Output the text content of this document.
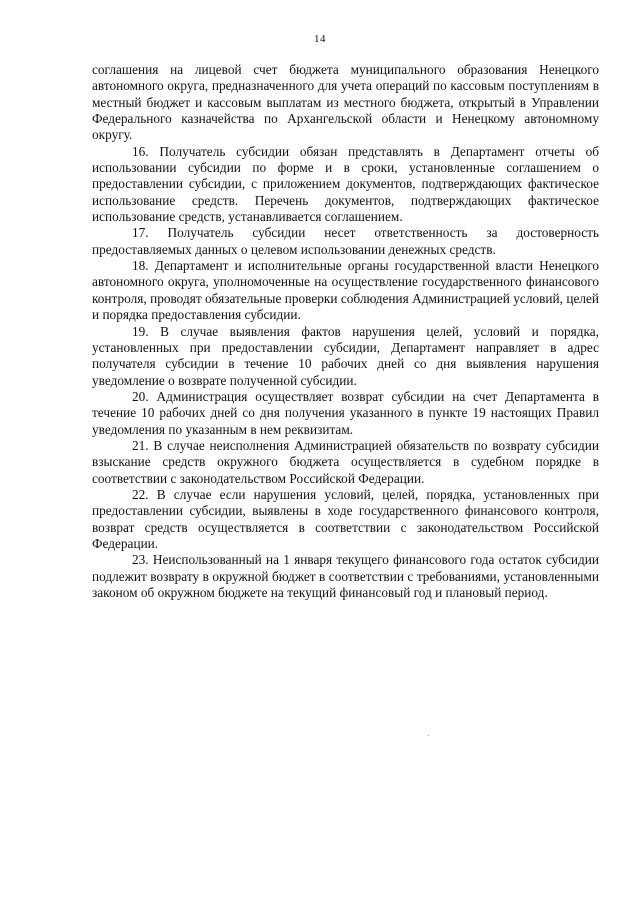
14

соглашения на лицевой счет бюджета муниципального образования Ненецкого автономного округа, предназначенного для учета операций по кассовым поступлениям в местный бюджет и кассовым выплатам из местного бюджета, открытый в Управлении Федерального казначейства по Архангельской области и Ненецкому автономному округу.

16. Получатель субсидии обязан представлять в Департамент отчеты об использовании субсидии по форме и в сроки, установленные соглашением о предоставлении субсидии, с приложением документов, подтверждающих фактическое использование средств. Перечень документов, подтверждающих фактическое использование средств, устанавливается соглашением.

17. Получатель субсидии несет ответственность за достоверность предоставляемых данных о целевом использовании денежных средств.

18. Департамент и исполнительные органы государственной власти Ненецкого автономного округа, уполномоченные на осуществление государственного финансового контроля, проводят обязательные проверки соблюдения Администрацией условий, целей и порядка предоставления субсидии.

19. В случае выявления фактов нарушения целей, условий и порядка, установленных при предоставлении субсидии, Департамент направляет в адрес получателя субсидии в течение 10 рабочих дней со дня выявления нарушения уведомление о возврате полученной субсидии.

20. Администрация осуществляет возврат субсидии на счет Департамента в течение 10 рабочих дней со дня получения указанного в пункте 19 настоящих Правил уведомления по указанным в нем реквизитам.

21. В случае неисполнения Администрацией обязательств по возврату субсидии взыскание средств окружного бюджета осуществляется в судебном порядке в соответствии с законодательством Российской Федерации.

22. В случае если нарушения условий, целей, порядка, установленных при предоставлении субсидии, выявлены в ходе государственного финансового контроля, возврат средств осуществляется в соответствии с законодательством Российской Федерации.

23. Неиспользованный на 1 января текущего финансового года остаток субсидии подлежит возврату в окружной бюджет в соответствии с требованиями, установленными законом об окружном бюджете на текущий финансовый год и плановый период.
